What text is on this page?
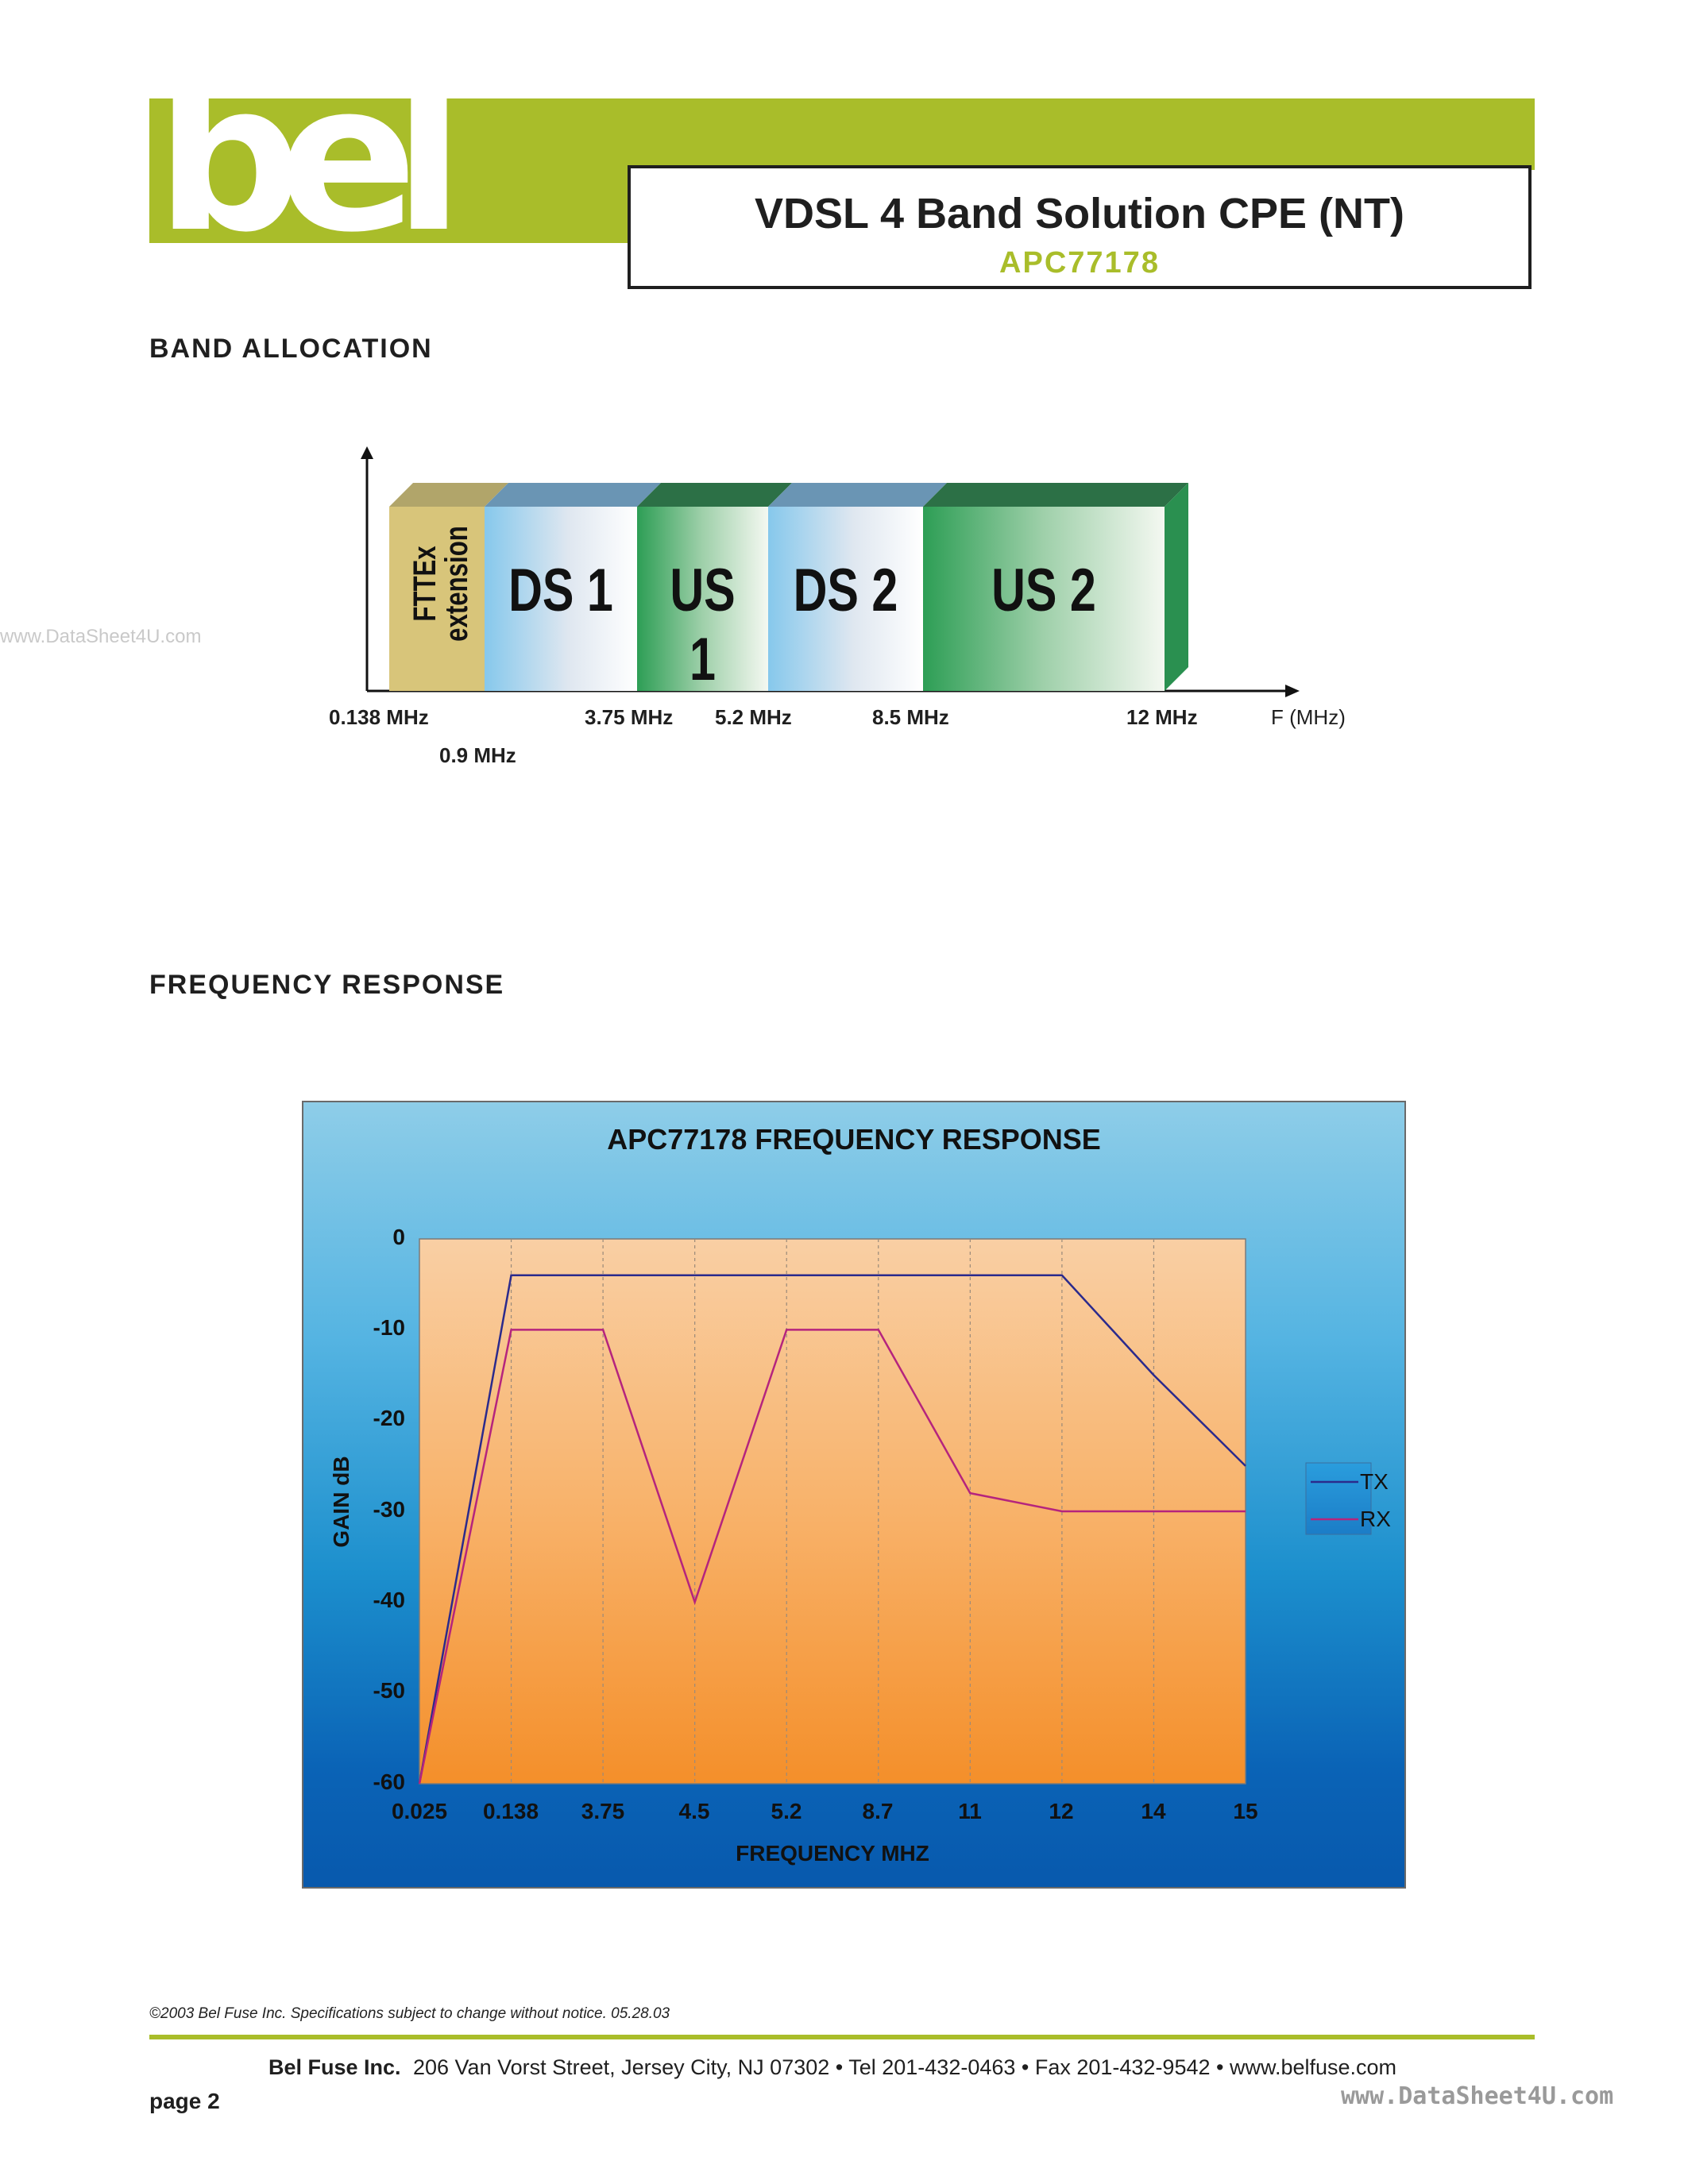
bel	VDSL 4 Band Solution CPE (NT)
APC77178
www.DataSheet4U.com
BAND ALLOCATION
FTTEx
extension DS 1 US 1
DS 2	US 2
0.138 MHz
0.9 MHz
3.75 MHz 5.2 MHz	8.5 MHz	12 MHz	F (MHz)
FREQUENCY RESPONSE
APC77178 FREQUENCY RESPONSE
0
-10
-20
-30
-40
-50
-60
GAIN dB
0.025	0.138	3.75	4.5	5.2	8.7	11	12	14	15
FREQUENCY MHZ
TX
RX
©2003 Bel Fuse Inc. Specifications subject to change without notice. 05.28.03
Bel Fuse Inc. 206 Van Vorst Street, Jersey City, NJ 07302 • Tel 201-432-0463 • Fax 201-432-9542 • www.belfuse.com
page 2	www.DataSheet4U.com
